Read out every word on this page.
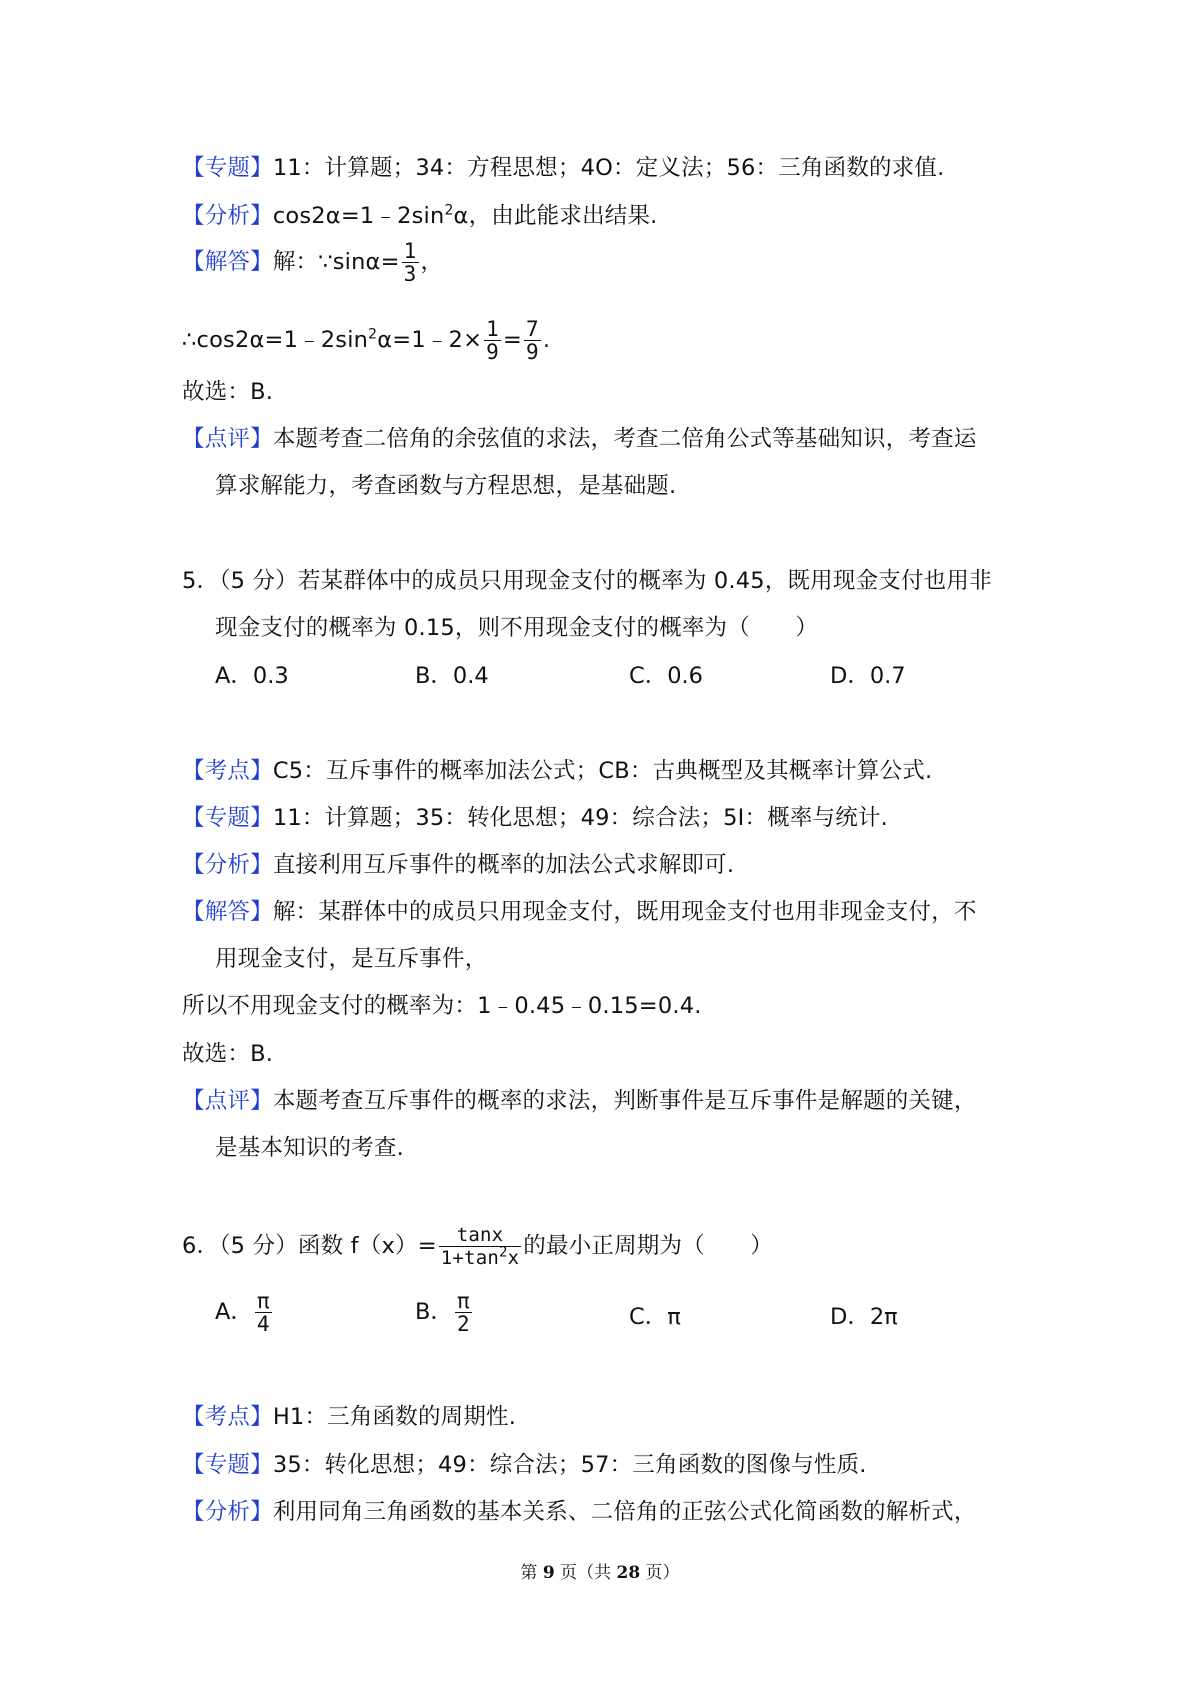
【专题】11：计算题；34：方程思想；4O：定义法；56：三角函数的求值.
【分析】$\cos 2\alpha=1﹣2\sin^2\alpha$，由此能求出结果.
【解答】解：∵sinα= $\frac{1}{3}$ ，
$\therefore\cos 2\alpha=1﹣2\sin^2\alpha=1﹣2\times \frac{1}{9} = \frac{7}{9}$ .
故选：B.
【点评】本题考查二倍角的余弦值的求法，考查二倍角公式等基础知识，考查运
算求解能力，考查函数与方程思想，是基础题.
5．（5 分）若某群体中的成员只用现金支付的概率为 0.45，既用现金支付也用非
现金支付的概率为 0.15，则不用现金支付的概率为（　　）
A．0.3	B．0.4	C．0.6	D．0.7
【考点】C5：互斥事件的概率加法公式；CB：古典概型及其概率计算公式.
【专题】11：计算题；35：转化思想；49：综合法；5I：概率与统计.
【分析】直接利用互斥事件的概率的加法公式求解即可.
【解答】解：某群体中的成员只用现金支付，既用现金支付也用非现金支付，不
用现金支付，是互斥事件，
所以不用现金支付的概率为：1﹣0.45﹣0.15=0.4.
故选：B.
【点评】本题考查互斥事件的概率的求法，判断事件是互斥事件是解题的关键，
是基本知识的考查.
6．（5 分）函数 $f(x)= \frac{\tan x}{1+\tan^2x}$ 的最小正周期为（　　）
A． $\frac{\pi}{4}$	B． $\frac{\pi}{2}$	C．π	D．2π
【考点】H1：三角函数的周期性.
【专题】35：转化思想；49：综合法；57：三角函数的图像与性质.
【分析】利用同角三角函数的基本关系、二倍角的正弦公式化简函数的解析式，
第 9 页（共 28 页）
